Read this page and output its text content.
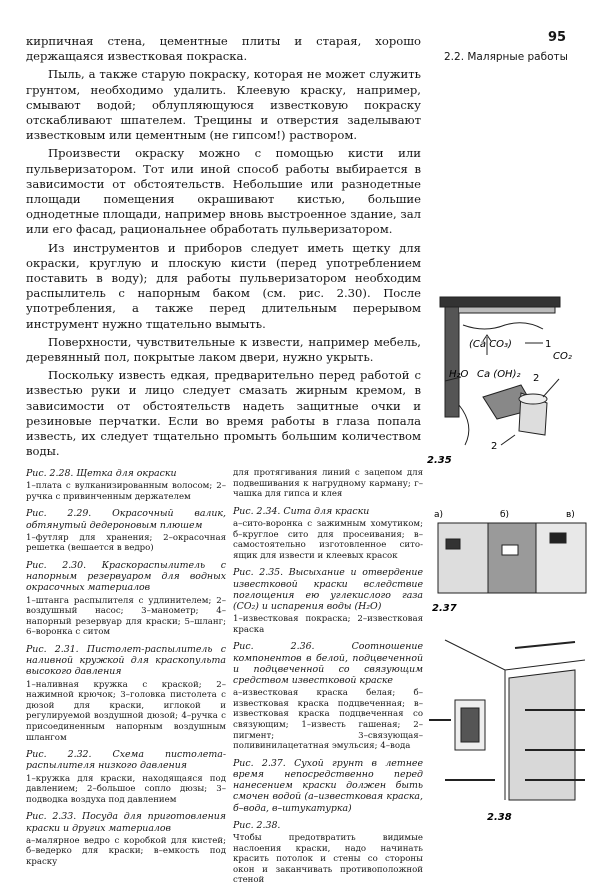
95
2.2. Малярные работы

кирпичная стена, цементные плиты и старая, хорошо держащаяся известковая покраска.

Пыль, а также старую покраску, которая не может служить грунтом, необходимо удалить. Клеевую краску, например, смывают водой; облупляющуюся известковую покраску отскабливают шпателем. Трещины и отверстия заделывают известковым или цементным (не гипсом!) раствором.

Произвести окраску можно с помощью кисти или пульверизатором. Тот или иной способ работы выбирается в зависимости от обстоятельств. Небольшие или разнодетные площади помещения окрашивают кистью, большие однодетные площади, например вновь выстроенное здание, зал или его фасад, рациональнее обработать пульверизатором.

Из инструментов и приборов следует иметь щетку для окраски, круглую и плоскую кисти (перед употреблением поставить в воду); для работы пульверизатором необходим распылитель с напорным баком (см. рис. 2.30). После употребления, а также перед длительным перерывом инструмент нужно тщательно вымыть.

Поверхности, чувствительные к извести, например мебель, деревянный пол, покрытые лаком двери, нужно укрыть.

Поскольку известь едкая, предварительно перед работой с известью руки и лицо следует смазать жирным кремом, в зависимости от обстоятельств надеть защитные очки и резиновые перчатки. Если во время работы в глаза попала известь, их следует тщательно промыть большим количеством воды.

Рис. 2.28. Щетка для окраски
1–плата с вулканизированным волосом; 2–ручка с привинченным держателем
Рис. 2.29. Окрасочный валик, обтянутый дедероновым плюшем
1–футляр для хранения; 2–окрасочная решетка (вешается в ведро)
Рис. 2.30. Краскораспылитель с напорным резервуаром для водных окрасочных материалов
1–штанга распылителя с удлинителем; 2–воздушный насос; 3–манометр; 4–напорный резервуар для краски; 5–шланг; 6–воронка с ситом
Рис. 2.31. Пистолет-распылитель с наливной кружкой для краскопульта высокого давления
1–наливная кружка с краской; 2–нажимной крючок; 3–головка пистолета с дюзой для краски, иглокой и регулируемой воздушной дюзой; 4–ручка с присоединенным напорным воздушным шлангом
Рис. 2.32. Схема пистолета-распылителя низкого давления
1–кружка для краски, находящаяся под давлением; 2–большое сопло дюзы; 3–подводка воздуха под давлением
Рис. 2.33. Посуда для приготовления краски и других материалов
а–малярное ведро с коробкой для кистей; б–ведерко для краски; в–емкость под краску
для протягивания линий с зацепом для подвешивания к нагрудному карману; г–чашка для гипса и клея
Рис. 2.34. Сита для краски
а–сито-воронка с зажимным хомутиком; б–круглое сито для просеивания; в–самостоятельно изготовленное сито-ящик для извести и клеевых красок
Рис. 2.35. Высыхание и отвердение известковой краски вследствие поглощения ею углекислого газа (CO₂) и испарения воды (H₂O)
1–известковая покраска; 2–известковая краска
Рис. 2.36. Соотношение компонентов в белой, подцвеченной и подцвеченной со связующим средством известковой краске
а–известковая краска белая; б–известковая краска подцвеченная; в–известковая краска подцвеченная со связующим; 1–известь гашеная; 2–пигмент; 3–связующая–поливинилацетатная эмульсия; 4–вода
Рис. 2.37. Сухой грунт в летнее время непосредственно перед нанесением краски должен быть смочен водой (а–известковая краска, б–вода, в–штукатурка)
Рис. 2.38.
Чтобы предотвратить видимые наслоения краски, надо начинать красить потолок и стены со стороны окон и заканчивать противоположной стеной
(Ca CO₃)	1
CO₂
H₂O Ca (OH)₂ 2
2
2.35
а)	б)	в)
2.37
2.38
